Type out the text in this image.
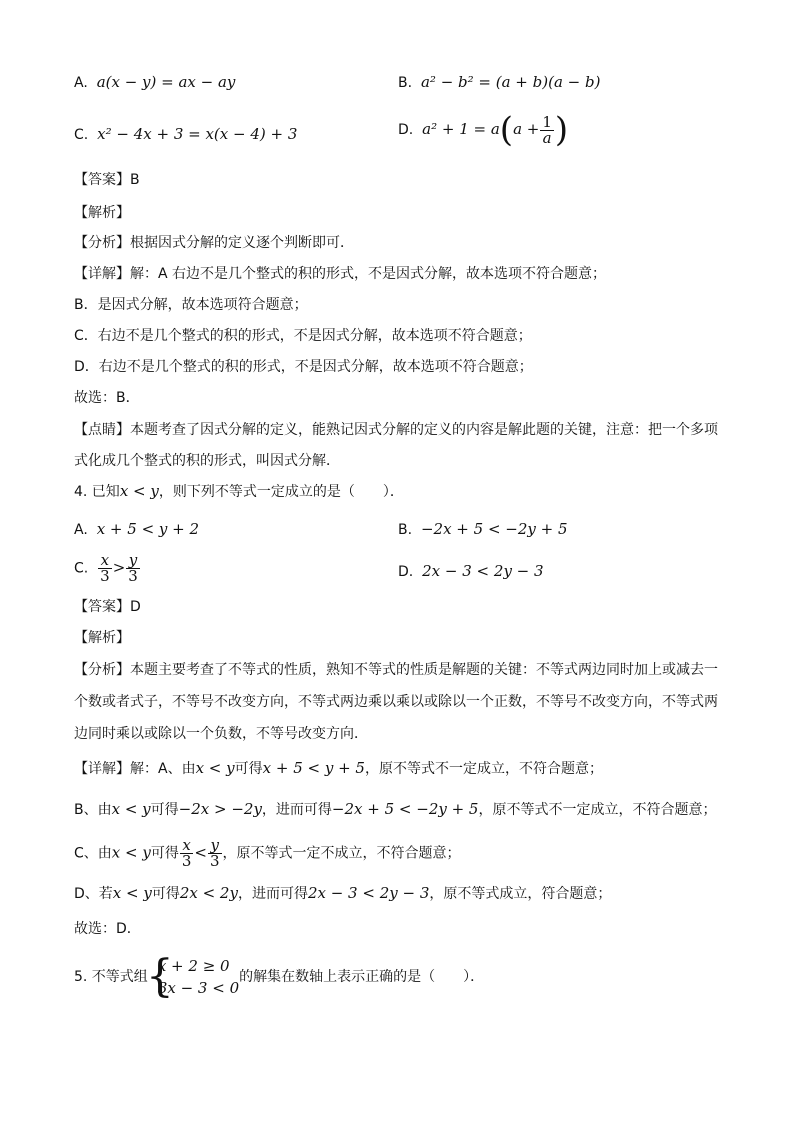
A. a(x − y) = ax − ay	B. a² − b² = (a + b)(a − b)
C. x² − 4x + 3 = x(x − 4) + 3	D. $a^2 + 1 = a(a + \frac{1}{a}$ )
【答案】B
【解析】
【分析】根据因式分解的定义逐个判断即可．
【详解】解：A 右边不是几个整式的积的形式，不是因式分解，故本选项不符合题意；
B．是因式分解，故本选项符合题意；
C．右边不是几个整式的积的形式，不是因式分解，故本选项不符合题意；
D．右边不是几个整式的积的形式，不是因式分解，故本选项不符合题意；
故选：B．
【点睛】本题考查了因式分解的定义，能熟记因式分解的定义的内容是解此题的关键，注意：把一个多项
式化成几个整式的积的形式，叫因式分解．
4. 已知x < y，则下列不等式一定成立的是（　　）．
A. x + 5 < y + 2	B. −2x + 5 < −2y + 5
C. $\frac{x}{3} > \frac{y}{3}$	D. 2x − 3 < 2y − 3
【答案】D
【解析】
【分析】本题主要考查了不等式的性质，熟知不等式的性质是解题的关键：不等式两边同时加上或减去一
个数或者式子，不等号不改变方向，不等式两边乘以乘以或除以一个正数，不等号不改变方向，不等式两
边同时乘以或除以一个负数，不等号改变方向．
【详解】解：A、由x < y可得x + 5 < y + 5，原不等式不一定成立，不符合题意；
B、由x < y可得−2x > −2y，进而可得−2x + 5 < −2y + 5，原不等式不一定成立，不符合题意；
C、由x < y可得 $\frac{x}{3} < \frac{y}{3}$ ，原不等式一定不成立，不符合题意；
D、若x < y可得2x < 2y，进而可得2x − 3 < 2y − 3，原不等式成立，符合题意；
故选：D．
5. 不等式组
{
x + 2 ≥ 0
3x − 3 < 0
的解集在数轴上表示正确的是（　　）．
